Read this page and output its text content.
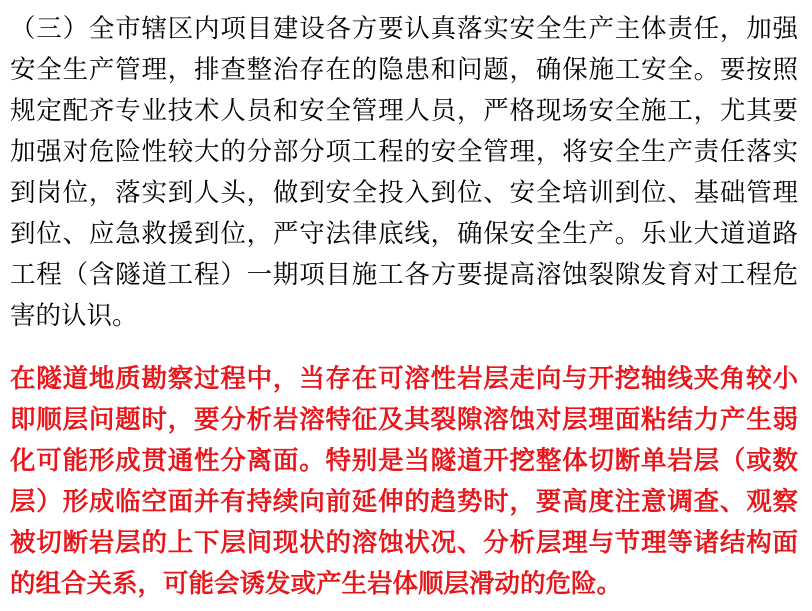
（三）全市辖区内项目建设各方要认真落实安全生产主体责任，加强安全生产管理，排查整治存在的隐患和问题，确保施工安全。要按照规定配齐专业技术人员和安全管理人员，严格现场安全施工，尤其要加强对危险性较大的分部分项工程的安全管理，将安全生产责任落实到岗位，落实到人头，做到安全投入到位、安全培训到位、基础管理到位、应急救援到位，严守法律底线，确保安全生产。乐业大道道路工程（含隧道工程）一期项目施工各方要提高溶蚀裂隙发育对工程危害的认识。

在隧道地质勘察过程中，当存在可溶性岩层走向与开挖轴线夹角较小即顺层问题时，要分析岩溶特征及其裂隙溶蚀对层理面粘结力产生弱化可能形成贯通性分离面。特别是当隧道开挖整体切断单岩层（或数层）形成临空面并有持续向前延伸的趋势时，要高度注意调查、观察被切断岩层的上下层间现状的溶蚀状况、分析层理与节理等诸结构面的组合关系，可能会诱发或产生岩体顺层滑动的危险。
